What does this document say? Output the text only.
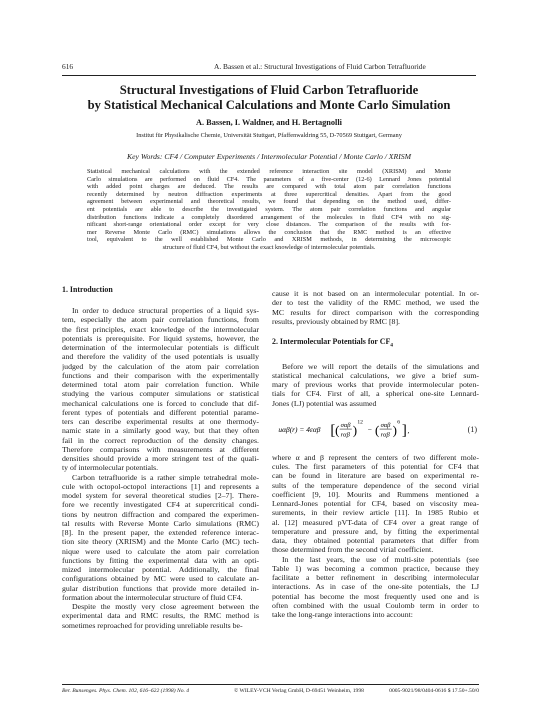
616	A. Bassen et al.: Structural Investigations of Fluid Carbon Tetrafluoride
Structural Investigations of Fluid Carbon Tetrafluoride
by Statistical Mechanical Calculations and Monte Carlo Simulation
A. Bassen, I. Waldner, and H. Bertagnolli
Institut für Physikalische Chemie, Universität Stuttgart, Pfaffenwaldring 55, D-70569 Stuttgart, Germany
Key Words: CF4 / Computer Experiments / Intermolecular Potential / Monte Carlo / XRISM
Statistical mechanical calculations with the extended reference interaction site model (XRISM) and Monte
Carlo simulations are performed on fluid CF4. The parameters of a five-center (12-6) Lennard Jones potential
with added point charges are deduced. The results are compared with total atom pair correlation functions
recently determined by neutron diffraction experiments at three supercritical densities. Apart from the good
agreement between experimental and theoretical results, we found that depending on the method used, differ-
ent potentials are able to describe the investigated system. The atom pair correlation functions and angular
distribution functions indicate a completely disordered arrangement of the molecules in fluid CF4 with no sig-
nificant short-range orientational order except for very close distances. The comparison of the results with for-
mer Reverse Monte Carlo (RMC) simulations allows the conclusion that the RMC method is an effective
tool, equivalent to the well established Monte Carlo and XRISM methods, in determining the microscopic
structure of fluid CF4, but without the exact knowledge of intermolecular potentials.
1. Introduction
In order to deduce structural properties of a liquid sys-
tem, especially the atom pair correlation functions, from
the first principles, exact knowledge of the intermolecular
potentials is prerequisite. For liquid systems, however, the
determination of the intermolecular potentials is difficult
and therefore the validity of the used potentials is usually
judged by the calculation of the atom pair correlation
functions and their comparison with the experimentally
determined total atom pair correlation function. While
studying the various computer simulations or statistical
mechanical calculations one is forced to conclude that dif-
ferent types of potentials and different potential parame-
ters can describe experimental results at one thermody-
namic state in a similarly good way, but that they often
fail in the correct reproduction of the density changes.
Therefore comparisons with measurements at different
densities should provide a more stringent test of the quali-
ty of intermolecular potentials.
Carbon tetrafluoride is a rather simple tetrahedral mole-
cule with octopol-octopol interactions [1] and represents a
model system for several theoretical studies [2–7]. There-
fore we recently investigated CF4 at supercritical condi-
tions by neutron diffraction and compared the experimen-
tal results with Reverse Monte Carlo simulations (RMC)
[8]. In the present paper, the extended reference interac-
tion site theory (XRISM) and the Monte Carlo (MC) tech-
nique were used to calculate the atom pair correlation
functions by fitting the experimental data with an opti-
mized intermolecular potential. Additionally, the final
configurations obtained by MC were used to calculate an-
gular distribution functions that provide more detailed in-
formation about the intermolecular structure of fluid CF4.
Despite the mostly very close agreement between the
experimental data and RMC results, the RMC method is
sometimes reproached for providing unreliable results be-
cause it is not based on an intermolecular potential. In or-
der to test the validity of the RMC method, we used the
MC results for direct comparison with the corresponding
results, previously obtained by RMC [8].
2. Intermolecular Potentials for $CF_4$
Before we will report the details of the simulations and
statistical mechanical calculations, we give a brief sum-
mary of previous works that provide intermolecular poten-
tials for CF4. First of all, a spherical one-site Lennard-
Jones (LJ) potential was assumed
uαβ(r) = 4εαβ [ ( σαβ
rαβ )
12
− ( σαβ
rαβ )
6
] ,	(1)
where α and β represent the centers of two different mole-
cules. The first parameters of this potential for CF4 that
can be found in literature are based on experimental re-
sults of the temperature dependence of the second virial
coefficient [9, 10]. Mourits and Rummens mentioned a
Lennard-Jones potential for CF4, based on viscosity mea-
surements, in their review article [11]. In 1985 Rubio et
al. [12] measured pVT-data of CF4 over a great range of
temperature and pressure and, by fitting the experimental
data, they obtained potential parameters that differ from
those determined from the second virial coefficient.
In the last years, the use of multi-site potentials (see
Table 1) was becoming a common practice, because they
facilitate a better refinement in describing intermolecular
interactions. As in case of the one-site potentials, the LJ
potential has become the most frequently used one and is
often combined with the usual Coulomb term in order to
take the long-range interactions into account:
Ber. Bunsenges. Phys. Chem. 102, 616–622 (1998) No. 4	© WILEY-VCH Verlag GmbH, D-69451 Weinheim, 1998	0005-9021/98/0404-0616 $ 17.50+.50/0
